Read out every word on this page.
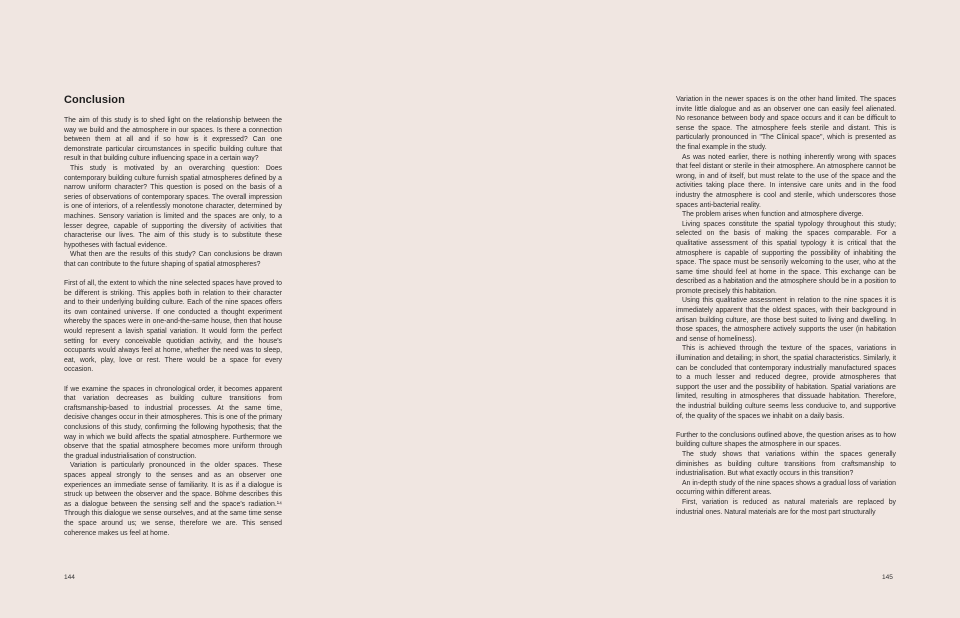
Conclusion

The aim of this study is to shed light on the relationship between the way we build and the atmosphere in our spaces. Is there a connection between them at all and if so how is it expressed? Can one demonstrate particular circumstances in specific building culture that result in that building culture influencing space in a certain way?

This study is motivated by an overarching question: Does contemporary building culture furnish spatial atmospheres defined by a narrow uniform character? This question is posed on the basis of a series of observations of contemporary spaces. The overall impression is one of interiors, of a relentlessly monotone character, determined by machines. Sensory variation is limited and the spaces are only, to a lesser degree, capable of supporting the diversity of activities that characterise our lives. The aim of this study is to substitute these hypotheses with factual evidence.

What then are the results of this study? Can conclusions be drawn that can contribute to the future shaping of spatial atmospheres?

First of all, the extent to which the nine selected spaces have proved to be different is striking. This applies both in relation to their character and to their underlying building culture. Each of the nine spaces offers its own contained universe. If one conducted a thought experiment whereby the spaces were in one-and-the-same house, then that house would represent a lavish spatial variation. It would form the perfect setting for every conceivable quotidian activity, and the house's occupants would always feel at home, whether the need was to sleep, eat, work, play, love or rest. There would be a space for every occasion.

If we examine the spaces in chronological order, it becomes apparent that variation decreases as building culture transitions from craftsmanship-based to industrial processes. At the same time, decisive changes occur in their atmospheres. This is one of the primary conclusions of this study, confirming the following hypothesis; that the way in which we build affects the spatial atmosphere. Furthermore we observe that the spatial atmosphere becomes more uniform through the gradual industrialisation of construction.

Variation is particularly pronounced in the older spaces. These spaces appeal strongly to the senses and as an observer one experiences an immediate sense of familiarity. It is as if a dialogue is struck up between the observer and the space. Böhme describes this as a dialogue between the sensing self and the space's radiation.¹⁴ Through this dialogue we sense ourselves, and at the same time sense the space around us; we sense, therefore we are. This sensed coherence makes us feel at home.

144

Variation in the newer spaces is on the other hand limited. The spaces invite little dialogue and as an observer one can easily feel alienated. No resonance between body and space occurs and it can be difficult to sense the space. The atmosphere feels sterile and distant. This is particularly pronounced in "The Clinical space", which is presented as the final example in the study.

As was noted earlier, there is nothing inherently wrong with spaces that feel distant or sterile in their atmosphere. An atmosphere cannot be wrong, in and of itself, but must relate to the use of the space and the activities taking place there. In intensive care units and in the food industry the atmosphere is cool and sterile, which underscores those spaces anti-bacterial reality.

The problem arises when function and atmosphere diverge.

Living spaces constitute the spatial typology throughout this study; selected on the basis of making the spaces comparable. For a qualitative assessment of this spatial typology it is critical that the atmosphere is capable of supporting the possibility of inhabiting the space. The space must be sensorily welcoming to the user, who at the same time should feel at home in the space. This exchange can be described as a habitation and the atmosphere should be in a position to promote precisely this habitation.

Using this qualitative assessment in relation to the nine spaces it is immediately apparent that the oldest spaces, with their background in artisan building culture, are those best suited to living and dwelling. In those spaces, the atmosphere actively supports the user (in habitation and sense of homeliness).

This is achieved through the texture of the spaces, variations in illumination and detailing; in short, the spatial characteristics. Similarly, it can be concluded that contemporary industrially manufactured spaces to a much lesser and reduced degree, provide atmospheres that support the user and the possibility of habitation. Spatial variations are limited, resulting in atmospheres that dissuade habitation. Therefore, the industrial building culture seems less conducive to, and supportive of, the quality of the spaces we inhabit on a daily basis.

Further to the conclusions outlined above, the question arises as to how building culture shapes the atmosphere in our spaces.

The study shows that variations within the spaces generally diminishes as building culture transitions from craftsmanship to industrialisation. But what exactly occurs in this transition?

An in-depth study of the nine spaces shows a gradual loss of variation occurring within different areas.

First, variation is reduced as natural materials are replaced by industrial ones. Natural materials are for the most part structurally

145
